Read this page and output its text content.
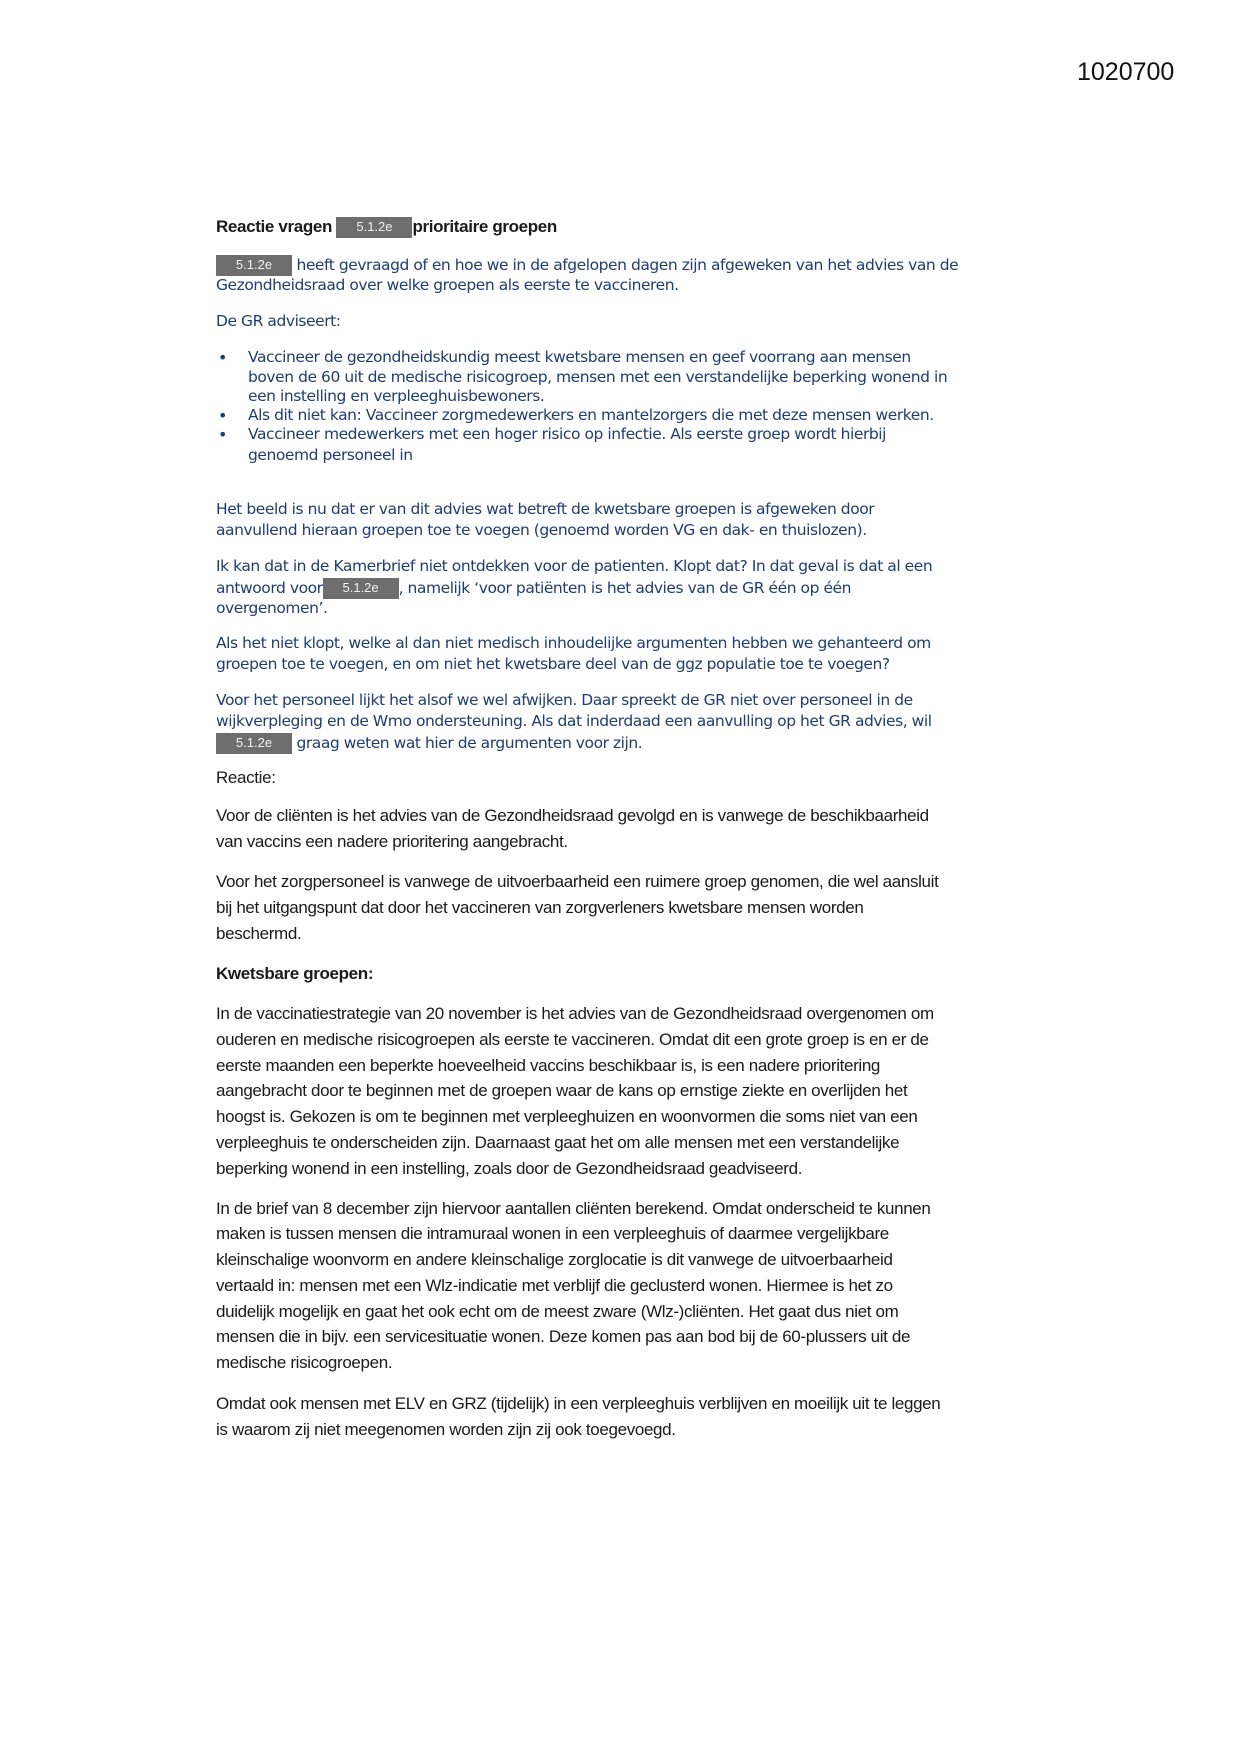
1020700
Reactie vragen 5.1.2e prioritaire groepen
5.1.2e heeft gevraagd of en hoe we in de afgelopen dagen zijn afgeweken van het advies van de
Gezondheidsraad over welke groepen als eerste te vaccineren.
De GR adviseert:
• Vaccineer de gezondheidskundig meest kwetsbare mensen en geef voorrang aan mensen
boven de 60 uit de medische risicogroep, mensen met een verstandelijke beperking wonend in
een instelling en verpleeghuisbewoners.
• Als dit niet kan: Vaccineer zorgmedewerkers en mantelzorgers die met deze mensen werken.
• Vaccineer medewerkers met een hoger risico op infectie. Als eerste groep wordt hierbij
genoemd personeel in
Het beeld is nu dat er van dit advies wat betreft de kwetsbare groepen is afgeweken door
aanvullend hieraan groepen toe te voegen (genoemd worden VG en dak- en thuislozen).
Ik kan dat in de Kamerbrief niet ontdekken voor de patienten. Klopt dat? In dat geval is dat al een
antwoord voor 5.1.2e , namelijk ‘voor patiënten is het advies van de GR één op één
overgenomen’.
Als het niet klopt, welke al dan niet medisch inhoudelijke argumenten hebben we gehanteerd om
groepen toe te voegen, en om niet het kwetsbare deel van de ggz populatie toe te voegen?
Voor het personeel lijkt het alsof we wel afwijken. Daar spreekt de GR niet over personeel in de
wijkverpleging en de Wmo ondersteuning. Als dat inderdaad een aanvulling op het GR advies, wil
5.1.2e graag weten wat hier de argumenten voor zijn.
Reactie:
Voor de cliënten is het advies van de Gezondheidsraad gevolgd en is vanwege de beschikbaarheid
van vaccins een nadere prioritering aangebracht.
Voor het zorgpersoneel is vanwege de uitvoerbaarheid een ruimere groep genomen, die wel aansluit
bij het uitgangspunt dat door het vaccineren van zorgverleners kwetsbare mensen worden
beschermd.
Kwetsbare groepen:
In de vaccinatiestrategie van 20 november is het advies van de Gezondheidsraad overgenomen om
ouderen en medische risicogroepen als eerste te vaccineren. Omdat dit een grote groep is en er de
eerste maanden een beperkte hoeveelheid vaccins beschikbaar is, is een nadere prioritering
aangebracht door te beginnen met de groepen waar de kans op ernstige ziekte en overlijden het
hoogst is. Gekozen is om te beginnen met verpleeghuizen en woonvormen die soms niet van een
verpleeghuis te onderscheiden zijn. Daarnaast gaat het om alle mensen met een verstandelijke
beperking wonend in een instelling, zoals door de Gezondheidsraad geadviseerd.
In de brief van 8 december zijn hiervoor aantallen cliënten berekend. Omdat onderscheid te kunnen
maken is tussen mensen die intramuraal wonen in een verpleeghuis of daarmee vergelijkbare
kleinschalige woonvorm en andere kleinschalige zorglocatie is dit vanwege de uitvoerbaarheid
vertaald in: mensen met een Wlz-indicatie met verblijf die geclusterd wonen. Hiermee is het zo
duidelijk mogelijk en gaat het ook echt om de meest zware (Wlz-)cliënten. Het gaat dus niet om
mensen die in bijv. een servicesituatie wonen. Deze komen pas aan bod bij de 60-plussers uit de
medische risicogroepen.
Omdat ook mensen met ELV en GRZ (tijdelijk) in een verpleeghuis verblijven en moeilijk uit te leggen
is waarom zij niet meegenomen worden zijn zij ook toegevoegd.
